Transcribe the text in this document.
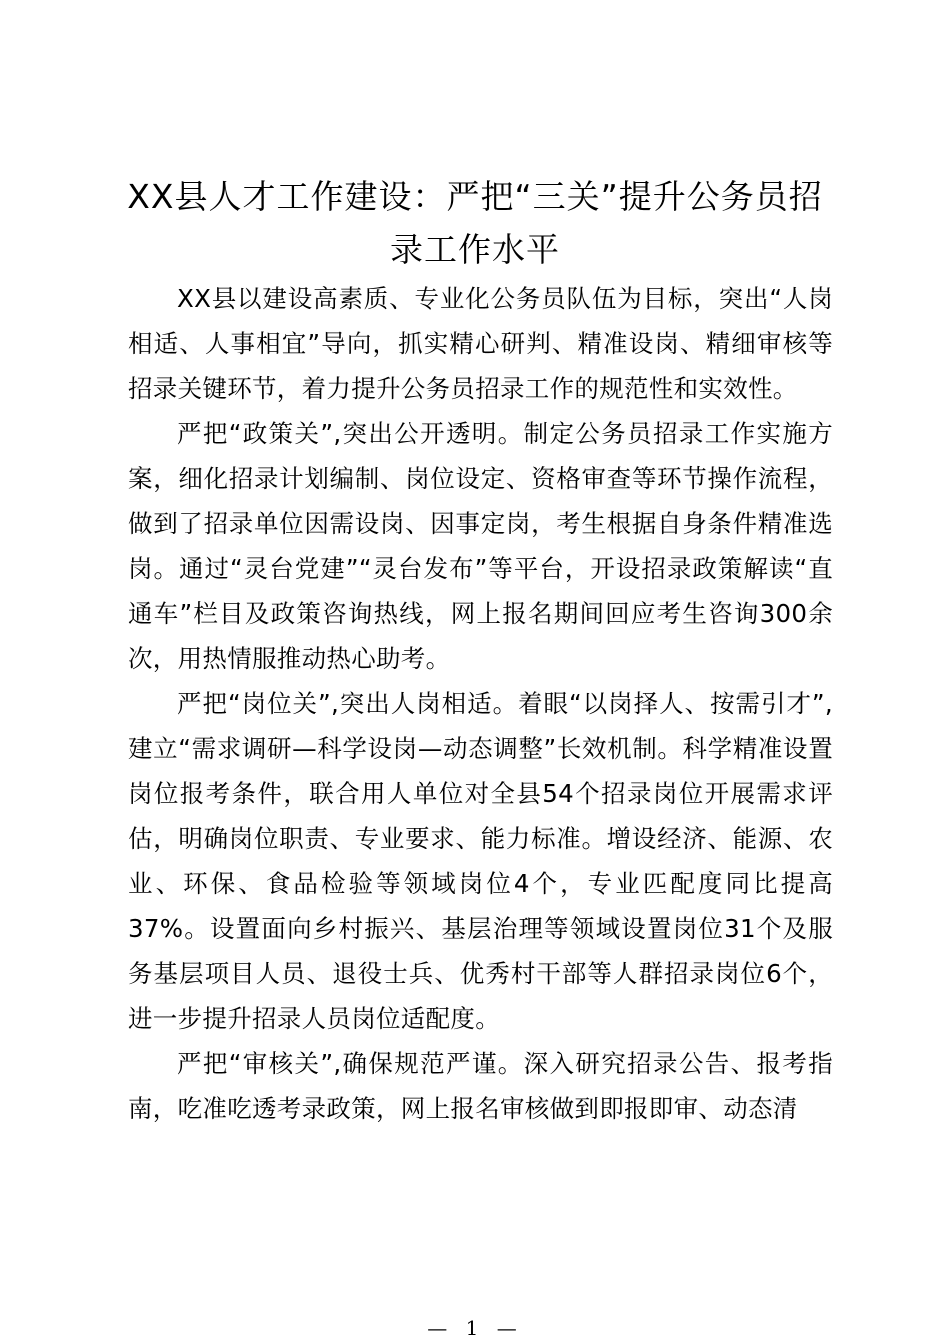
XX县人才工作建设：严把“三关”提升公务员招录工作水平

XX县以建设高素质、专业化公务员队伍为目标，突出“人岗相适、人事相宜”导向，抓实精心研判、精准设岗、精细审核等招录关键环节，着力提升公务员招录工作的规范性和实效性。

严把“政策关”,突出公开透明。制定公务员招录工作实施方案，细化招录计划编制、岗位设定、资格审查等环节操作流程，做到了招录单位因需设岗、因事定岗，考生根据自身条件精准选岗。通过“灵台党建”“灵台发布”等平台，开设招录政策解读“直通车”栏目及政策咨询热线，网上报名期间回应考生咨询300余次，用热情服推动热心助考。

严把“岗位关”,突出人岗相适。着眼“以岗择人、按需引才”,建立“需求调研—科学设岗—动态调整”长效机制。科学精准设置岗位报考条件，联合用人单位对全县54个招录岗位开展需求评估，明确岗位职责、专业要求、能力标准。增设经济、能源、农业、环保、食品检验等领域岗位4个，专业匹配度同比提高37%。设置面向乡村振兴、基层治理等领域设置岗位31个及服务基层项目人员、退役士兵、优秀村干部等人群招录岗位6个，进一步提升招录人员岗位适配度。

严把“审核关”,确保规范严谨。深入研究招录公告、报考指南，吃准吃透考录政策，网上报名审核做到即报即审、动态清

— 1 —
